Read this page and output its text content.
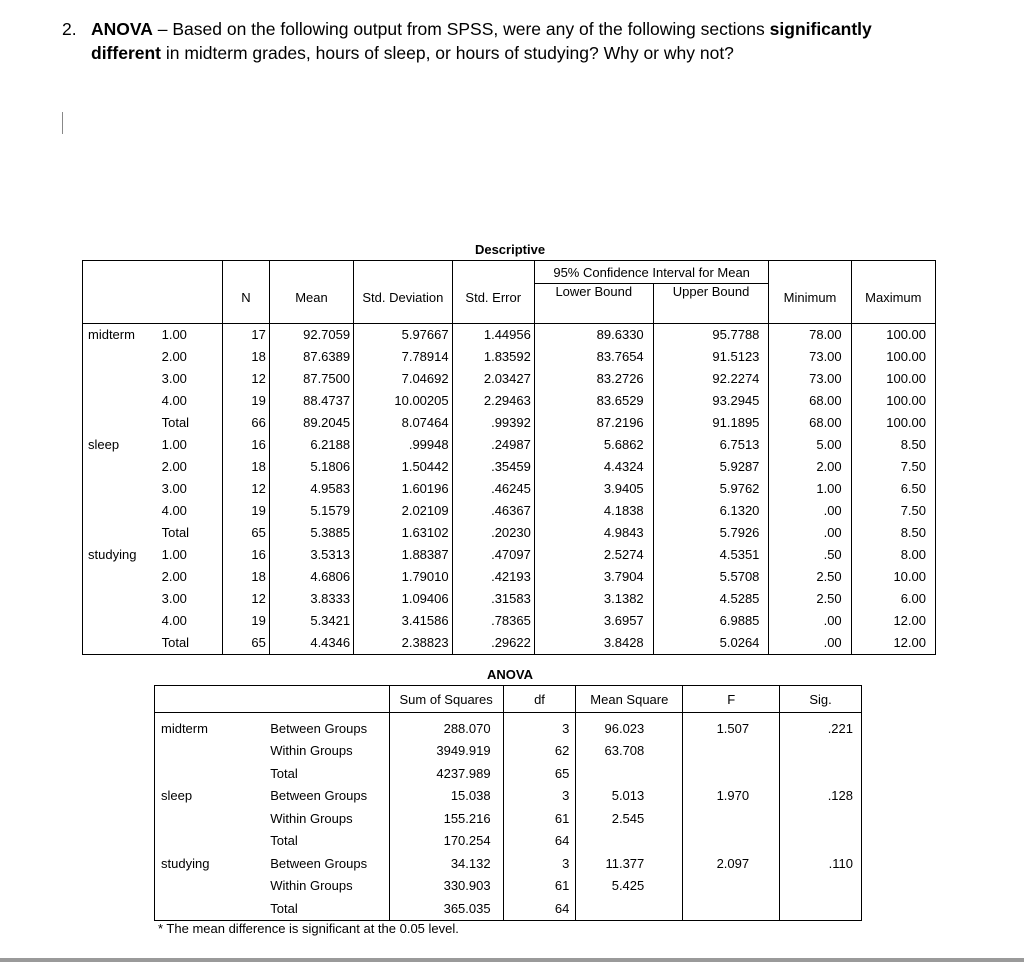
2. ANOVA – Based on the following output from SPSS, were any of the following sections significantly
different in midterm grades, hours of sleep, or hours of studying? Why or why not?
Descriptive
						95% Confidence Interval for Mean			
		N	Mean	Std. Deviation	Std. Error	Lower Bound	Upper Bound	Minimum	Maximum
midterm	1.00	17	92.7059	5.97667	1.44956	89.6330	95.7788	78.00	100.00
	2.00	18	87.6389	7.78914	1.83592	83.7654	91.5123	73.00	100.00
	3.00	12	87.7500	7.04692	2.03427	83.2726	92.2274	73.00	100.00
	4.00	19	88.4737	10.00205	2.29463	83.6529	93.2945	68.00	100.00
	Total	66	89.2045	8.07464	.99392	87.2196	91.1895	68.00	100.00
sleep	1.00	16	6.2188	.99948	.24987	5.6862	6.7513	5.00	8.50
	2.00	18	5.1806	1.50442	.35459	4.4324	5.9287	2.00	7.50
	3.00	12	4.9583	1.60196	.46245	3.9405	5.9762	1.00	6.50
	4.00	19	5.1579	2.02109	.46367	4.1838	6.1320	.00	7.50
	Total	65	5.3885	1.63102	.20230	4.9843	5.7926	.00	8.50
studying	1.00	16	3.5313	1.88387	.47097	2.5274	4.5351	.50	8.00
	2.00	18	4.6806	1.79010	.42193	3.7904	5.5708	2.50	10.00
	3.00	12	3.8333	1.09406	.31583	3.1382	4.5285	2.50	6.00
	4.00	19	5.3421	3.41586	.78365	3.6957	6.9885	.00	12.00
	Total	65	4.4346	2.38823	.29622	3.8428	5.0264	.00	12.00
ANOVA
		Sum of Squares	df	Mean Square	F	Sig.
midterm	Between Groups	288.070	3	96.023	1.507	.221
	Within Groups	3949.919	62	63.708		
	Total	4237.989	65			
sleep	Between Groups	15.038	3	5.013	1.970	.128
	Within Groups	155.216	61	2.545		
	Total	170.254	64			
studying	Between Groups	34.132	3	11.377	2.097	.110
	Within Groups	330.903	61	5.425		
	Total	365.035	64			
* The mean difference is significant at the 0.05 level.
